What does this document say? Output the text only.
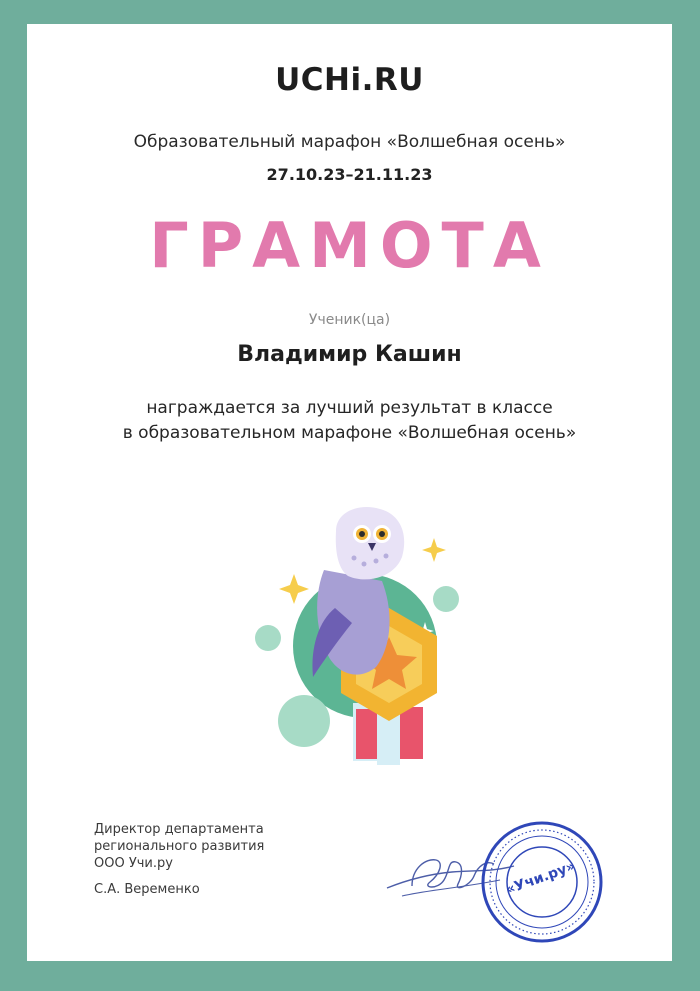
UCHi.RU
Образовательный марафон «Волшебная осень»
27.10.23–21.11.23
ГРАМОТА
Ученик(ца)
Владимир Кашин
награждается за лучший результат в классе
в образовательном марафоне «Волшебная осень»
Директор департамента
регионального развития
ООО Учи.ру
С.А. Веременко	«Учи.ру»
